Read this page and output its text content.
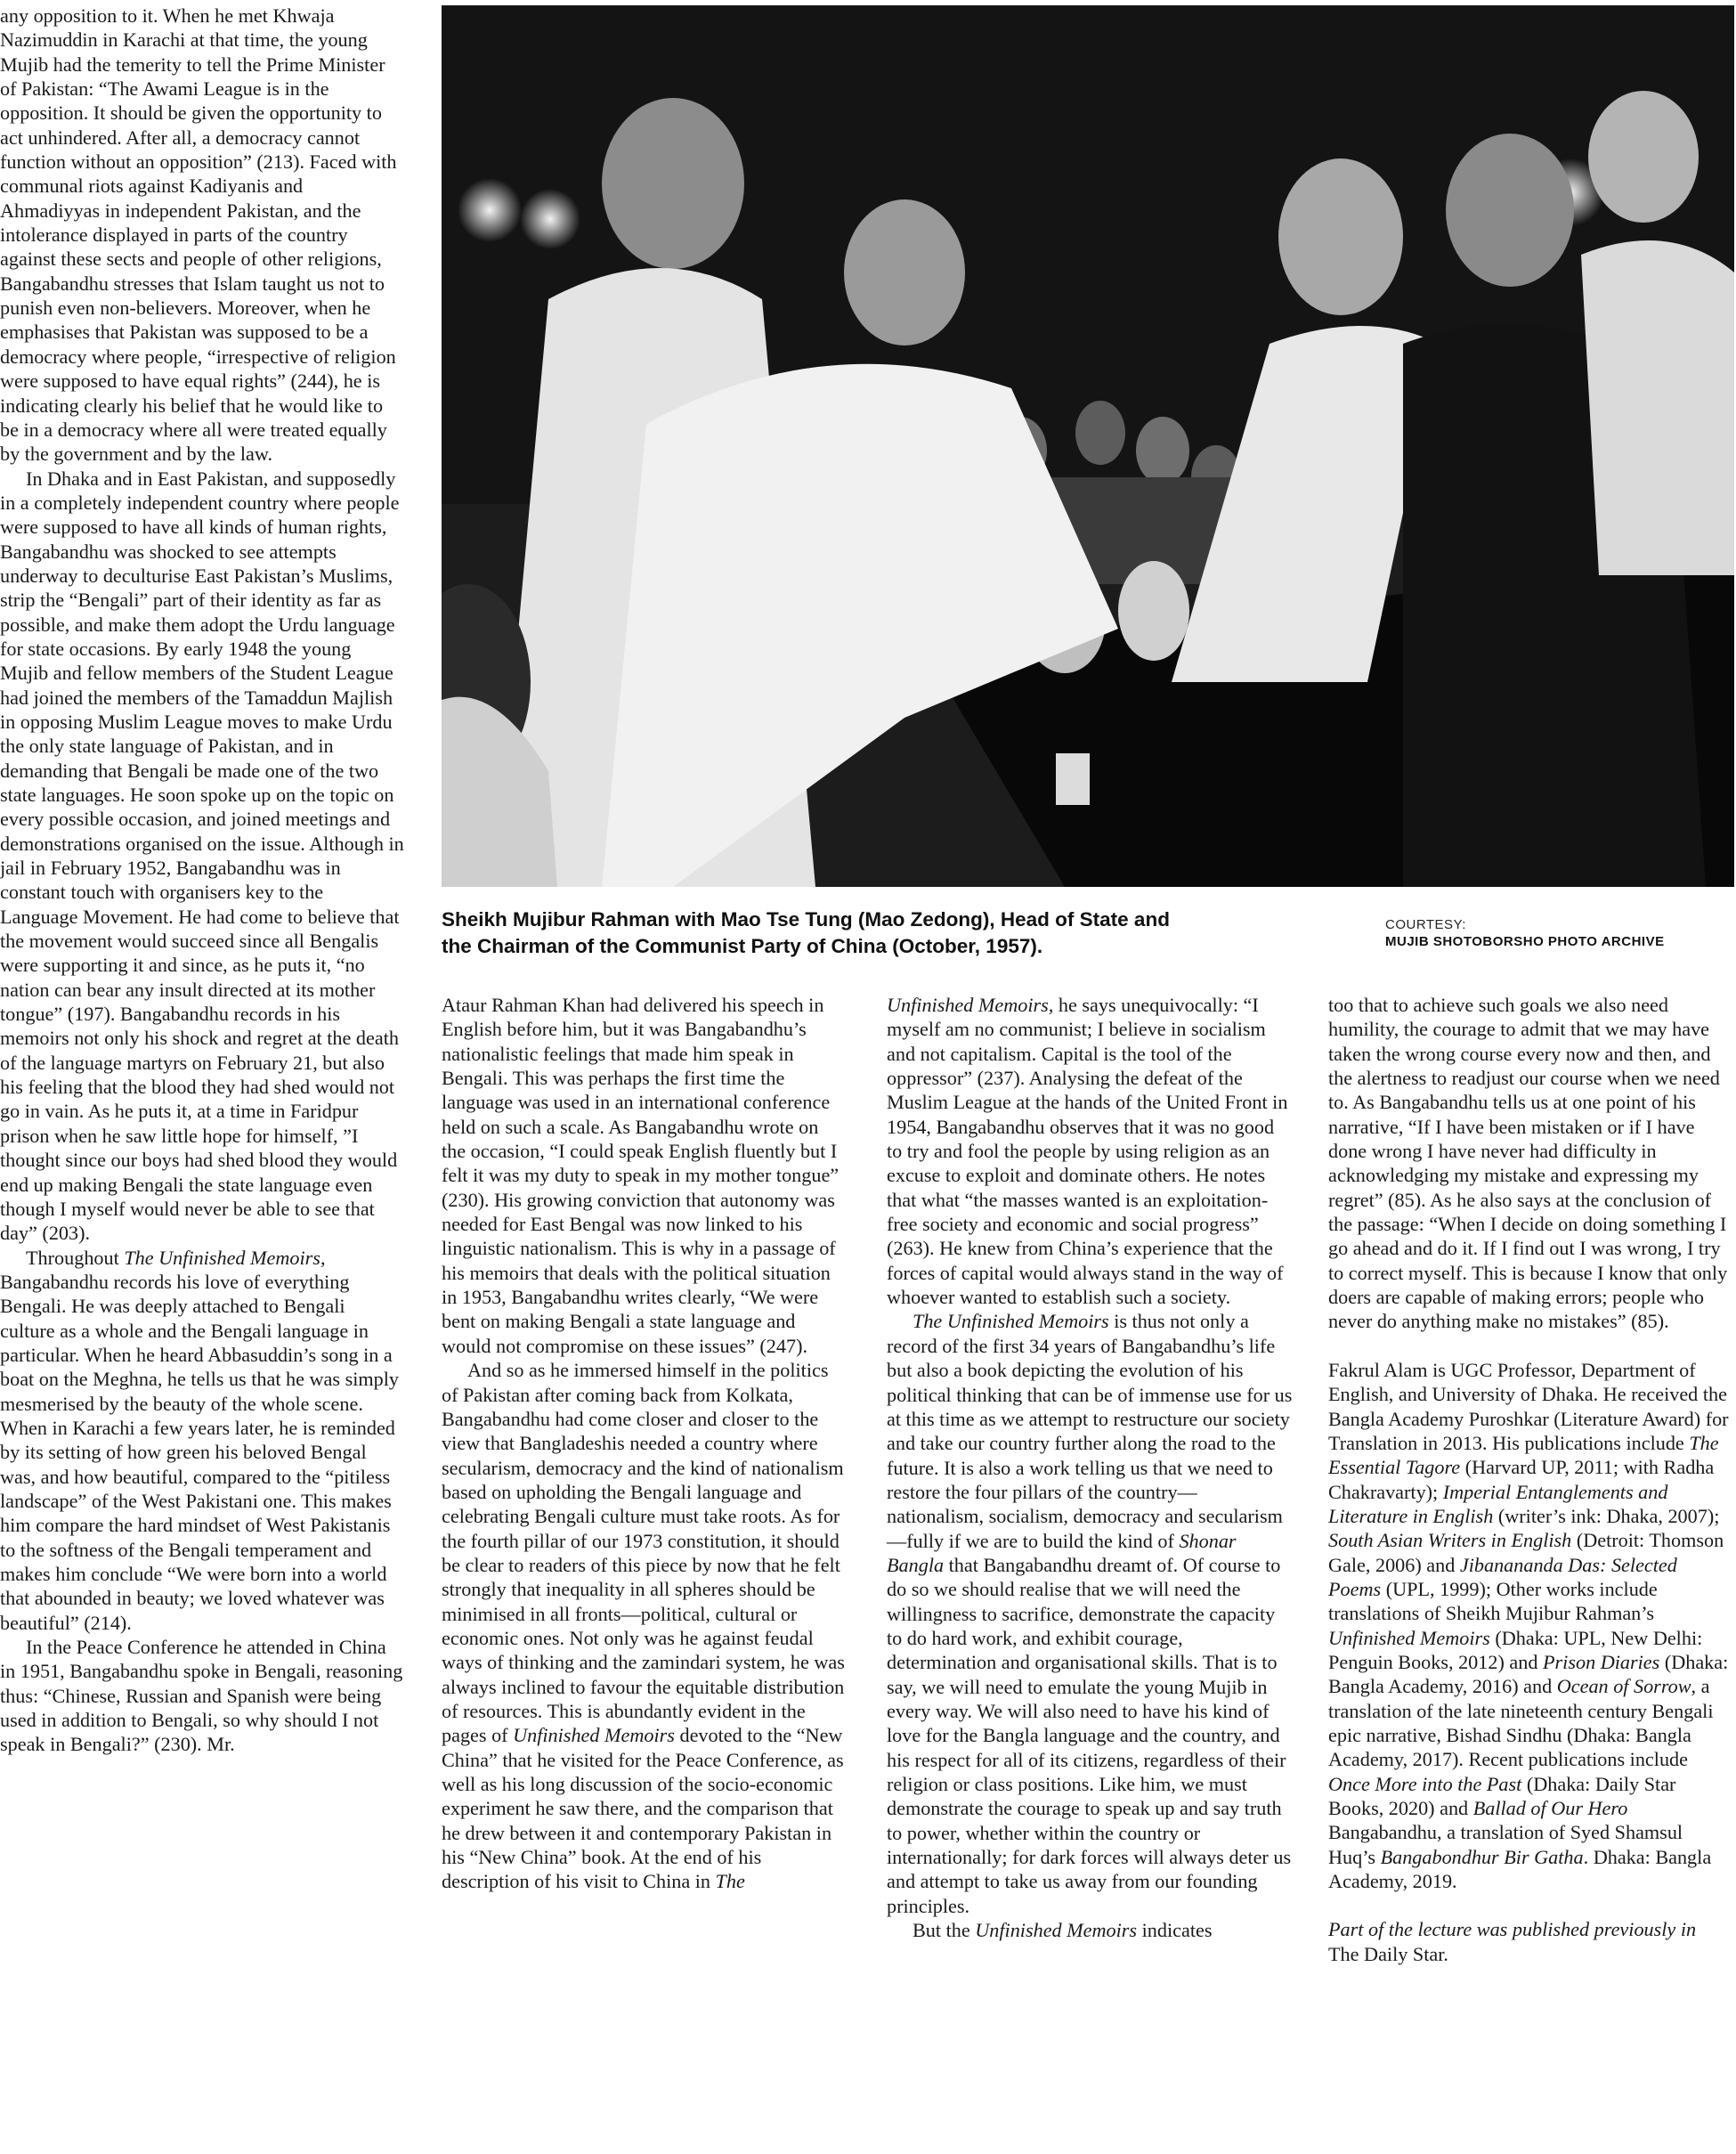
any opposition to it. When he met Khwaja Nazimuddin in Karachi at that time, the young Mujib had the temerity to tell the Prime Minister of Pakistan: “The Awami League is in the opposition. It should be given the opportunity to act unhindered. After all, a democracy cannot function without an opposition” (213). Faced with communal riots against Kadiyanis and Ahmadiyyas in independent Pakistan, and the intolerance displayed in parts of the country against these sects and people of other religions, Bangabandhu stresses that Islam taught us not to punish even non-believers. Moreover, when he emphasises that Pakistan was supposed to be a democracy where people, “irrespective of religion were supposed to have equal rights” (244), he is indicating clearly his belief that he would like to be in a democracy where all were treated equally by the government and by the law.

In Dhaka and in East Pakistan, and supposedly in a completely independent country where people were supposed to have all kinds of human rights, Bangabandhu was shocked to see attempts underway to deculturise East Pakistan’s Muslims, strip the “Bengali” part of their identity as far as possible, and make them adopt the Urdu language for state occasions. By early 1948 the young Mujib and fellow members of the Student League had joined the members of the Tamaddun Majlish in opposing Muslim League moves to make Urdu the only state language of Pakistan, and in demanding that Bengali be made one of the two state languages. He soon spoke up on the topic on every possible occasion, and joined meetings and demonstrations organised on the issue. Although in jail in February 1952, Bangabandhu was in constant touch with organisers key to the Language Movement. He had come to believe that the movement would succeed since all Bengalis were supporting it and since, as he puts it, “no nation can bear any insult directed at its mother tongue” (197). Bangabandhu records in his memoirs not only his shock and regret at the death of the language martyrs on February 21, but also his feeling that the blood they had shed would not go in vain. As he puts it, at a time in Faridpur prison when he saw little hope for himself, ”I thought since our boys had shed blood they would end up making Bengali the state language even though I myself would never be able to see that day” (203).

Throughout The Unfinished Memoirs, Bangabandhu records his love of everything Bengali. He was deeply attached to Bengali culture as a whole and the Bengali language in particular. When he heard Abbasuddin’s song in a boat on the Meghna, he tells us that he was simply mesmerised by the beauty of the whole scene. When in Karachi a few years later, he is reminded by its setting of how green his beloved Bengal was, and how beautiful, compared to the “pitiless landscape” of the West Pakistani one. This makes him compare the hard mindset of West Pakistanis to the softness of the Bengali temperament and makes him conclude “We were born into a world that abounded in beauty; we loved whatever was beautiful” (214).

In the Peace Conference he attended in China in 1951, Bangabandhu spoke in Bengali, reasoning thus: “Chinese, Russian and Spanish were being used in addition to Bengali, so why should I not speak in Bengali?” (230). Mr.

Sheikh Mujibur Rahman with Mao Tse Tung (Mao Zedong), Head of State and
the Chairman of the Communist Party of China (October, 1957).

COURTESY:

MUJIB SHOTOBORSHO PHOTO ARCHIVE

Ataur Rahman Khan had delivered his speech in English before him, but it was Bangabandhu’s nationalistic feelings that made him speak in Bengali. This was perhaps the first time the language was used in an international conference held on such a scale. As Bangabandhu wrote on the occasion, “I could speak English fluently but I felt it was my duty to speak in my mother tongue” (230). His growing conviction that autonomy was needed for East Bengal was now linked to his linguistic nationalism. This is why in a passage of his memoirs that deals with the political situation in 1953, Bangabandhu writes clearly, “We were bent on making Bengali a state language and would not compromise on these issues” (247).

And so as he immersed himself in the politics of Pakistan after coming back from Kolkata, Bangabandhu had come closer and closer to the view that Bangladeshis needed a country where secularism, democracy and the kind of nationalism based on upholding the Bengali language and celebrating Bengali culture must take roots. As for the fourth pillar of our 1973 constitution, it should be clear to readers of this piece by now that he felt strongly that inequality in all spheres should be minimised in all fronts—political, cultural or economic ones. Not only was he against feudal ways of thinking and the zamindari system, he was always inclined to favour the equitable distribution of resources. This is abundantly evident in the pages of Unfinished Memoirs devoted to the “New China” that he visited for the Peace Conference, as well as his long discussion of the socio-economic experiment he saw there, and the comparison that he drew between it and contemporary Pakistan in his “New China” book. At the end of his description of his visit to China in The

Unfinished Memoirs, he says unequivocally: “I myself am no communist; I believe in socialism and not capitalism. Capital is the tool of the oppressor” (237). Analysing the defeat of the Muslim League at the hands of the United Front in 1954, Bangabandhu observes that it was no good to try and fool the people by using religion as an excuse to exploit and dominate others. He notes that what “the masses wanted is an exploitation-free society and economic and social progress” (263). He knew from China’s experience that the forces of capital would always stand in the way of whoever wanted to establish such a society.

The Unfinished Memoirs is thus not only a record of the first 34 years of Bangabandhu’s life but also a book depicting the evolution of his political thinking that can be of immense use for us at this time as we attempt to restructure our society and take our country further along the road to the future. It is also a work telling us that we need to restore the four pillars of the country—nationalism, socialism, democracy and secularism—fully if we are to build the kind of Shonar Bangla that Bangabandhu dreamt of. Of course to do so we should realise that we will need the willingness to sacrifice, demonstrate the capacity to do hard work, and exhibit courage, determination and organisational skills. That is to say, we will need to emulate the young Mujib in every way. We will also need to have his kind of love for the Bangla language and the country, and his respect for all of its citizens, regardless of their religion or class positions. Like him, we must demonstrate the courage to speak up and say truth to power, whether within the country or internationally; for dark forces will always deter us and attempt to take us away from our founding principles.

But the Unfinished Memoirs indicates

too that to achieve such goals we also need humility, the courage to admit that we may have taken the wrong course every now and then, and the alertness to readjust our course when we need to. As Bangabandhu tells us at one point of his narrative, “If I have been mistaken or if I have done wrong I have never had difficulty in acknowledging my mistake and expressing my regret” (85). As he also says at the conclusion of the passage: “When I decide on doing something I go ahead and do it. If I find out I was wrong, I try to correct myself. This is because I know that only doers are capable of making errors; people who never do anything make no mistakes” (85).

Fakrul Alam is UGC Professor, Department of English, and University of Dhaka. He received the Bangla Academy Puroshkar (Literature Award) for Translation in 2013. His publications include The Essential Tagore (Harvard UP, 2011; with Radha Chakravarty); Imperial Entanglements and Literature in English (writer’s ink: Dhaka, 2007); South Asian Writers in English (Detroit: Thomson Gale, 2006) and Jibanananda Das: Selected Poems (UPL, 1999); Other works include translations of Sheikh Mujibur Rahman’s Unfinished Memoirs (Dhaka: UPL, New Delhi: Penguin Books, 2012) and Prison Diaries (Dhaka: Bangla Academy, 2016) and Ocean of Sorrow, a translation of the late nineteenth century Bengali epic narrative, Bishad Sindhu (Dhaka: Bangla Academy, 2017). Recent publications include Once More into the Past (Dhaka: Daily Star Books, 2020) and Ballad of Our Hero Bangabandhu, a translation of Syed Shamsul Huq’s Bangabondhur Bir Gatha. Dhaka: Bangla Academy, 2019.

Part of the lecture was published previously in
The Daily Star.
